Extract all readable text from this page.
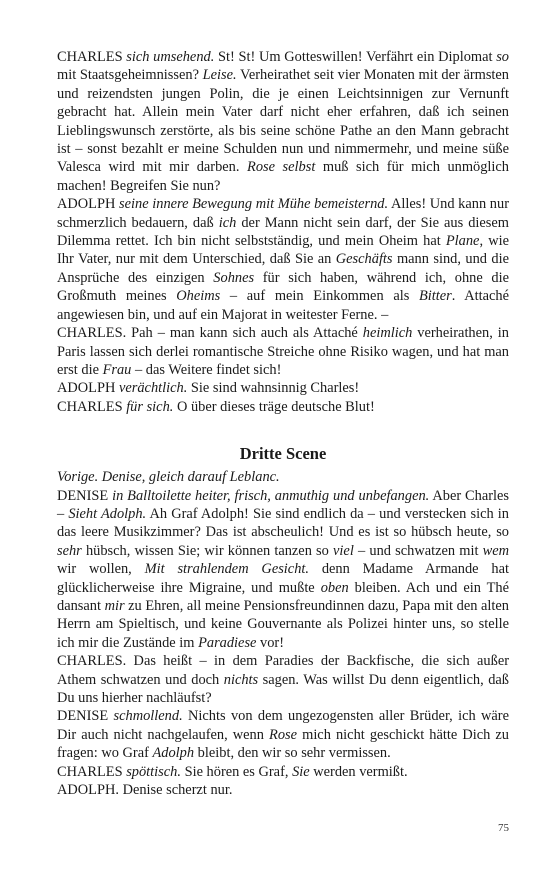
CHARLES sich umsehend. St! St! Um Gotteswillen! Verfährt ein Diplomat so mit Staatsgeheimnissen? Leise. Verheirathet seit vier Monaten mit der ärmsten und reizendsten jungen Polin, die je einen Leichtsinnigen zur Vernunft gebracht hat. Allein mein Vater darf nicht eher erfahren, daß ich seinen Lieblingswunsch zerstörte, als bis seine schöne Pathe an den Mann gebracht ist – sonst bezahlt er meine Schulden nun und nimmermehr, und meine süße Valesca wird mit mir darben. Rose selbst muß sich für mich unmöglich machen! Begreifen Sie nun?

ADOLPH seine innere Bewegung mit Mühe bemeisternd. Alles! Und kann nur schmerzlich bedauern, daß ich der Mann nicht sein darf, der Sie aus diesem Dilemma rettet. Ich bin nicht selbstständig, und mein Oheim hat Plane, wie Ihr Vater, nur mit dem Unterschied, daß Sie an Geschäfts mann sind, und die Ansprüche des einzigen Sohnes für sich haben, während ich, ohne die Großmuth meines Oheims – auf mein Einkommen als Bitter. Attaché angewiesen bin, und auf ein Majorat in weitester Ferne. –

CHARLES. Pah – man kann sich auch als Attaché heimlich verheirathen, in Paris lassen sich derlei romantische Streiche ohne Risiko wagen, und hat man erst die Frau – das Weitere findet sich!

ADOLPH verächtlich. Sie sind wahnsinnig Charles!

CHARLES für sich. O über dieses träge deutsche Blut!

Dritte Scene

Vorige. Denise, gleich darauf Leblanc.

DENISE in Balltoilette heiter, frisch, anmuthig und unbefangen. Aber Charles – Sieht Adolph. Ah Graf Adolph! Sie sind endlich da – und verstecken sich in das leere Musikzimmer? Das ist abscheulich! Und es ist so hübsch heute, so sehr hübsch, wissen Sie; wir können tanzen so viel – und schwatzen mit wem wir wollen, Mit strahlendem Gesicht. denn Madame Armande hat glücklicherweise ihre Migraine, und mußte oben bleiben. Ach und ein Thé dansant mir zu Ehren, all meine Pensionsfreundinnen dazu, Papa mit den alten Herrn am Spieltisch, und keine Gouvernante als Polizei hinter uns, so stelle ich mir die Zustände im Paradiese vor!

CHARLES. Das heißt – in dem Paradies der Backfische, die sich außer Athem schwatzen und doch nichts sagen. Was willst Du denn eigentlich, daß Du uns hierher nachläufst?

DENISE schmollend. Nichts von dem ungezogensten aller Brüder, ich wäre Dir auch nicht nachgelaufen, wenn Rose mich nicht geschickt hätte Dich zu fragen: wo Graf Adolph bleibt, den wir so sehr vermissen.

CHARLES spöttisch. Sie hören es Graf, Sie werden vermißt.

ADOLPH. Denise scherzt nur.

75
